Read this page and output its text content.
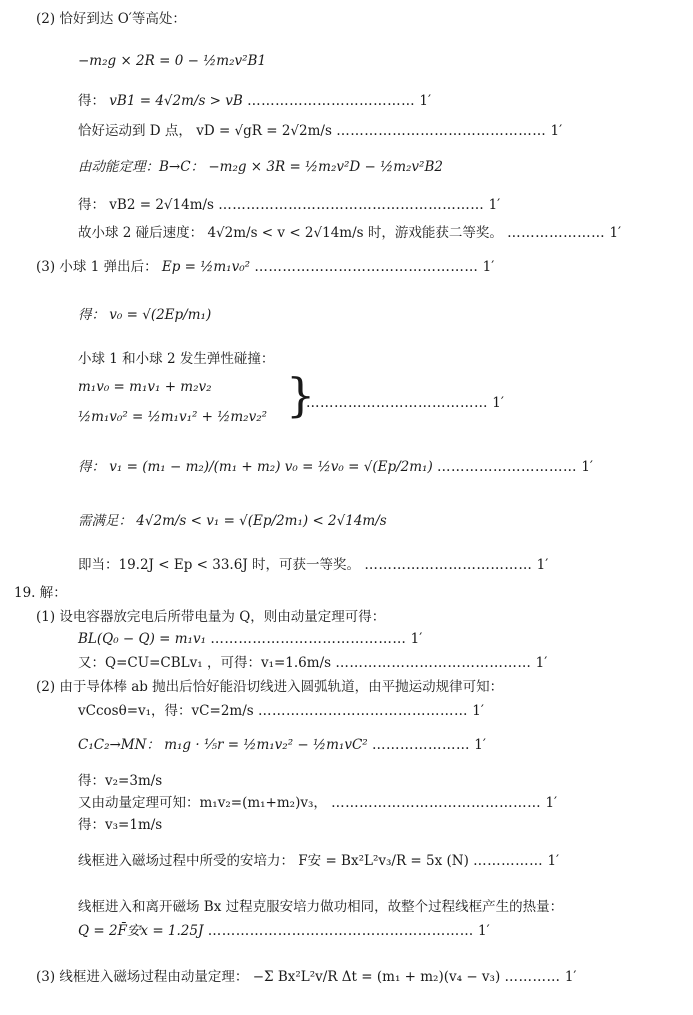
(2) 恰好到达 O′等高处：
−m₂g × 2R = 0 − ½m₂v²B1
得： vB1 = 4√2m/s > vB ……………………………… 1′
恰好运动到 D 点， vD = √gR = 2√2m/s ……………………………………… 1′
由动能定理：B→C： −m₂g × 3R = ½m₂v²D − ½m₂v²B2
得： vB2 = 2√14m/s ………………………………………………… 1′
故小球 2 碰后速度： 4√2m/s < v < 2√14m/s 时，游戏能获二等奖。 ………………… 1′
(3) 小球 1 弹出后： Ep = ½m₁v₀² ………………………………………… 1′
得： v₀ = √(2Ep/m₁)
小球 1 和小球 2 发生弹性碰撞：
m₁v₀ = m₁v₁ + m₂v₂
½m₁v₀² = ½m₁v₁² + ½m₂v₂² }
………………………………… 1′
得： v₁ = (m₁ − m₂)/(m₁ + m₂) v₀ = ½v₀ = √(Ep/2m₁) ………………………… 1′
需满足： 4√2m/s < v₁ = √(Ep/2m₁) < 2√14m/s
即当：19.2J < Ep < 33.6J 时，可获一等奖。 ……………………………… 1′
19. 解：
(1) 设电容器放完电后所带电量为 Q，则由动量定理可得：
BL(Q₀ − Q) = m₁v₁ …………………………………… 1′
又：Q=CU=CBLv₁ ，可得：v₁=1.6m/s …………………………………… 1′
(2) 由于导体棒 ab 抛出后恰好能沿切线进入圆弧轨道，由平抛运动规律可知：
vCcosθ=v₁，得：vC=2m/s ……………………………………… 1′
C₁C₂→MN： m₁g · ⅕r = ½m₁v₂² − ½m₁vC² ………………… 1′
得：v₂=3m/s
又由动量定理可知：m₁v₂=(m₁+m₂)v₃， ……………………………………… 1′
得：v₃=1m/s
线框进入磁场过程中所受的安培力： F安 = Bx²L²v₃/R = 5x (N) …………… 1′
线框进入和离开磁场 Bx 过程克服安培力做功相同，故整个过程线框产生的热量：
Q = 2F̄安x = 1.25J ………………………………………………… 1′
(3) 线框进入磁场过程由动量定理： −Σ Bx²L²v/R Δt = (m₁ + m₂)(v₄ − v₃) ………… 1′
